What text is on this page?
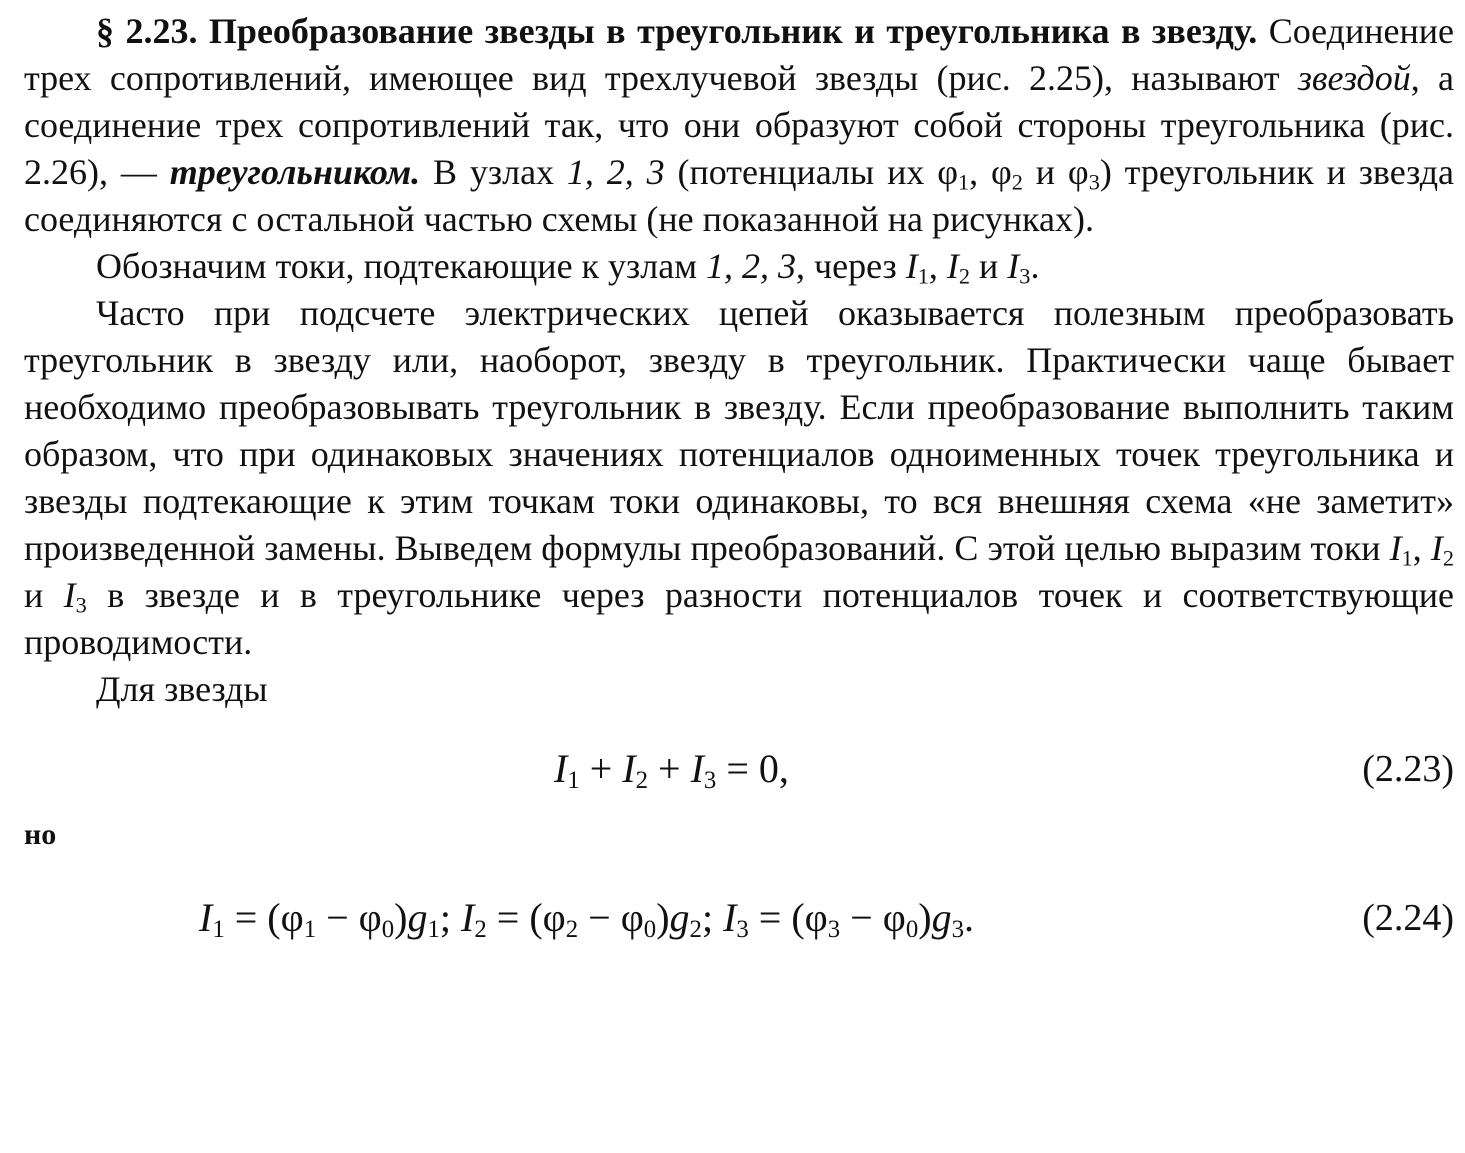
§ 2.23. Преобразование звезды в треугольник и треугольника в звезду. Соединение трех сопротивлений, имеющее вид трехлучевой звезды (рис. 2.25), называют звездой, а соединение трех сопротивлений так, что они образуют собой стороны треугольника (рис. 2.26), — треугольником. В узлах 1, 2, 3 (потенциалы их $\varphi_1$, $\varphi_2$ и $\varphi_3$) треугольник и звезда соединяются с остальной частью схемы (не показанной на рисунках).

Обозначим токи, подтекающие к узлам 1, 2, 3, через $I_1$, $I_2$ и $I_3$.

Часто при подсчете электрических цепей оказывается полезным преобразовать треугольник в звезду или, наоборот, звезду в треугольник. Практически чаще бывает необходимо преобразовывать треугольник в звезду. Если преобразование выполнить таким образом, что при одинаковых значениях потенциалов одноименных точек треугольника и звезды подтекающие к этим точкам токи одинаковы, то вся внешняя схема «не заметит» произведенной замены. Выведем формулы преобразований. С этой целью выразим токи $I_1$, $I_2$ и $I_3$ в звезде и в треугольнике через разности потенциалов точек и соответствующие проводимости.

Для звезды

$I_1 + I_2 + I_3 = 0$,	(2.23)

но

$I_1 = (\varphi_1 - \varphi_0)g_1$; $I_2 = (\varphi_2 - \varphi_0)g_2$; $I_3 = (\varphi_3 - \varphi_0)g_3$.	(2.24)
